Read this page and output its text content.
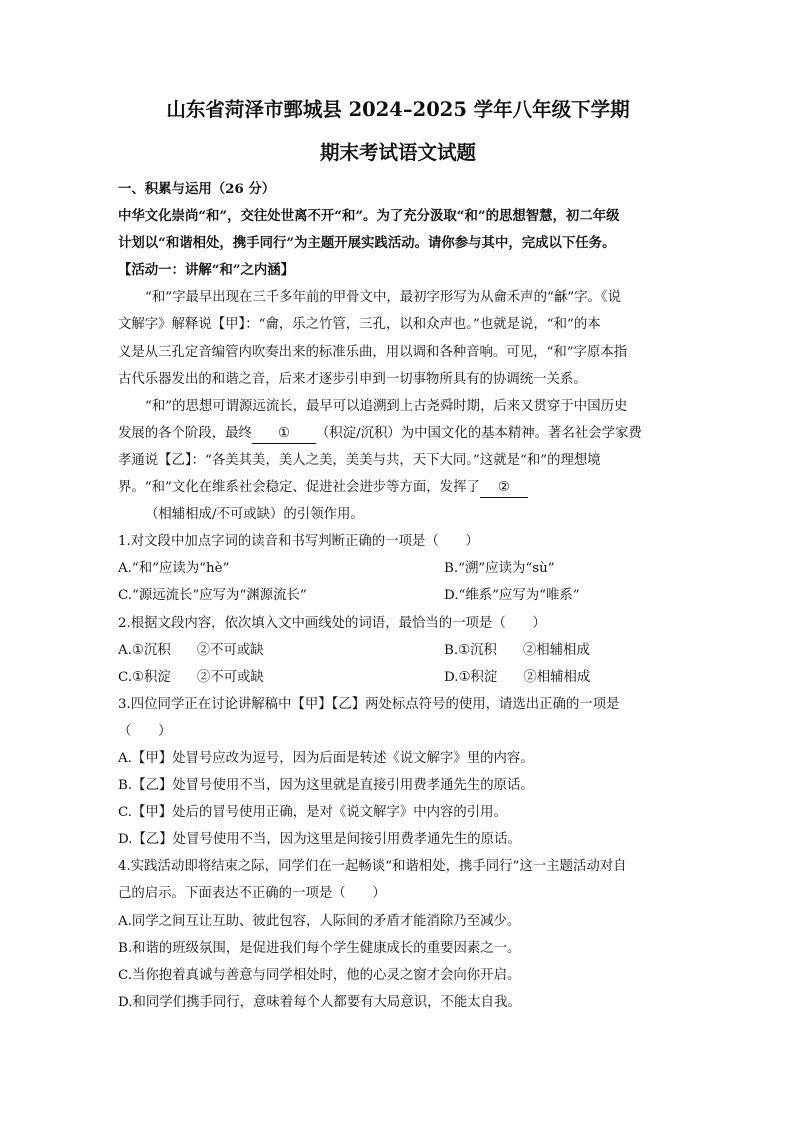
山东省菏泽市鄄城县 2024–2025 学年八年级下学期
期末考试语文试题
一、积累与运用（26 分）
中华文化崇尚“和”，交往处世离不开“和”。为了充分汲取“和”的思想智慧，初二年级
计划以“和谐相处，携手同行”为主题开展实践活动。请你参与其中，完成以下任务。
【活动一：讲解“和”之内涵】
“和”字最早出现在三千多年前的甲骨文中，最初字形写为从龠禾声的“龢”字。《说
文解字》解释说【甲】：“龠，乐之竹管，三孔，以和众声也。”也就是说，“和”的本
义是从三孔定音编管内吹奏出来的标准乐曲，用以调和各种音响。可见，“和”字原本指
古代乐器发出的和谐之音，后来才逐步引申到一切事物所具有的协调统一关系。
“和”的思想可谓源远流长，最早可以追溯到上古尧舜时期，后来又贯穿于中国历史
发展的各个阶段，最终 ① （积淀/沉积）为中国文化的基本精神。著名社会学家费
孝通说【乙】：“各美其美，美人之美，美美与共，天下大同。”这就是“和”的理想境
界。“和”文化在维系社会稳定、促进社会进步等方面，发挥了 ②
（相辅相成/不可或缺）的引领作用。
1.对文段中加点字词的读音和书写判断正确的一项是（　　）
A.“和”应读为“hè”	B.“溯”应读为“sù”
C.“源远流长”应写为“渊源流长”	D.“维系”应写为“唯系”
2.根据文段内容，依次填入文中画线处的词语，最恰当的一项是（　　）
A.①沉积 ②不可或缺	B.①沉积 ②相辅相成
C.①积淀 ②不可或缺	D.①积淀 ②相辅相成
3.四位同学正在讨论讲解稿中【甲】【乙】两处标点符号的使用，请选出正确的一项是
（　　）
A.【甲】处冒号应改为逗号，因为后面是转述《说文解字》里的内容。
B.【乙】处冒号使用不当，因为这里就是直接引用费孝通先生的原话。
C.【甲】处后的冒号使用正确，是对《说文解字》中内容的引用。
D.【乙】处冒号使用不当，因为这里是间接引用费孝通先生的原话。
4.实践活动即将结束之际，同学们在一起畅谈“和谐相处，携手同行”这一主题活动对自
己的启示。下面表达不正确的一项是（　　）
A.同学之间互让互助、彼此包容，人际间的矛盾才能消除乃至减少。
B.和谐的班级氛围，是促进我们每个学生健康成长的重要因素之一。
C.当你抱着真诚与善意与同学相处时，他的心灵之窗才会向你开启。
D.和同学们携手同行，意味着每个人都要有大局意识，不能太自我。
